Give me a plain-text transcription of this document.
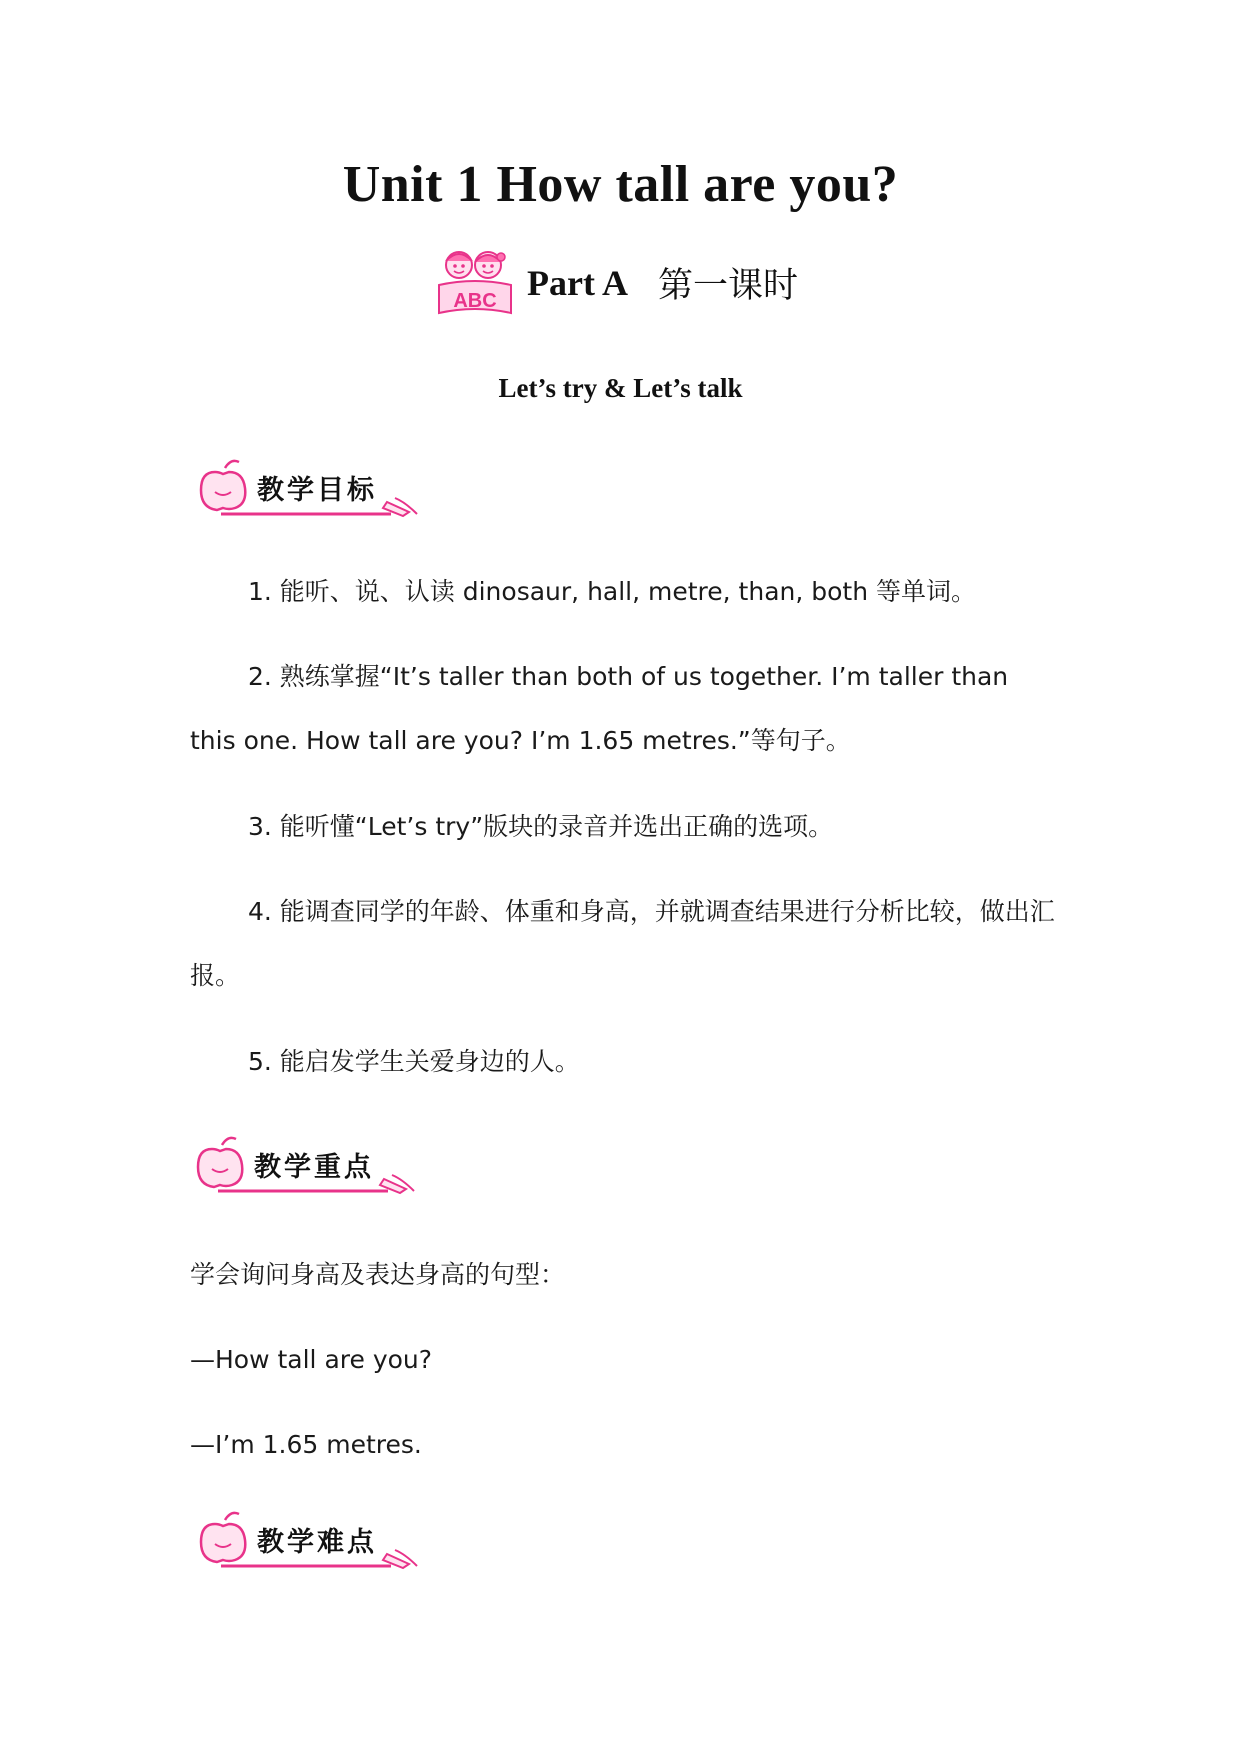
Unit 1 How tall are you?
ABC Part A 第一课时
Let’s try & Let’s talk
教学目标
1. 能听、说、认读 dinosaur, hall, metre, than, both 等单词。
2. 熟练掌握“It’s taller than both of us together. I’m taller than this one. How tall are you? I’m 1.65 metres.”等句子。
3. 能听懂“Let’s try”版块的录音并选出正确的选项。
4. 能调查同学的年龄、体重和身高，并就调查结果进行分析比较，做出汇报。
5. 能启发学生关爱身边的人。
教学重点
学会询问身高及表达身高的句型：
—How tall are you?
—I’m 1.65 metres.
教学难点
